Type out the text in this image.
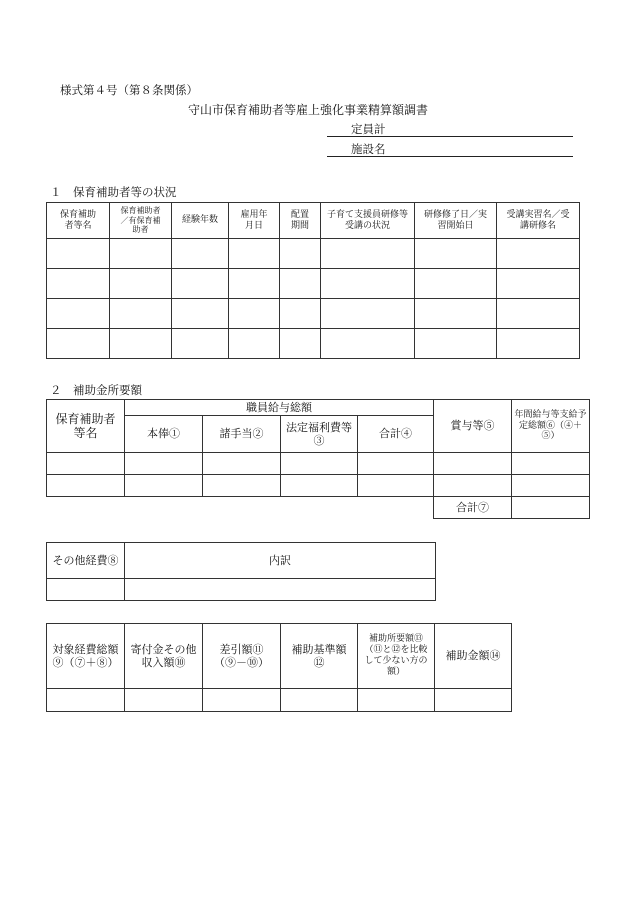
様式第４号（第８条関係）
守山市保育補助者等雇上強化事業精算額調書
定員計
施設名
１　保育補助者等の状況
保育補助者等名	保育補助者／有保育補助者	経験年数	雇用年月日	配置期間	子育て支援員研修等受講の状況	研修修了日／実習開始日	受講実習名／受講研修名

２　補助金所要額
保育補助者等名	職員給与総額				賞与等⑤	年間給与等支給予定総額⑥（④＋⑤）

	本俸①	諸手当②	法定福利費等③	合計④		

					合計⑦	
その他経費⑧	内訳

対象経費総額⑨（⑦＋⑧）	寄付金その他収入額⑩	差引額⑪（⑨－⑩）	補助基準額⑫	補助所要額⑬（⑪と⑫を比較して少ない方の額）	補助金額⑭
